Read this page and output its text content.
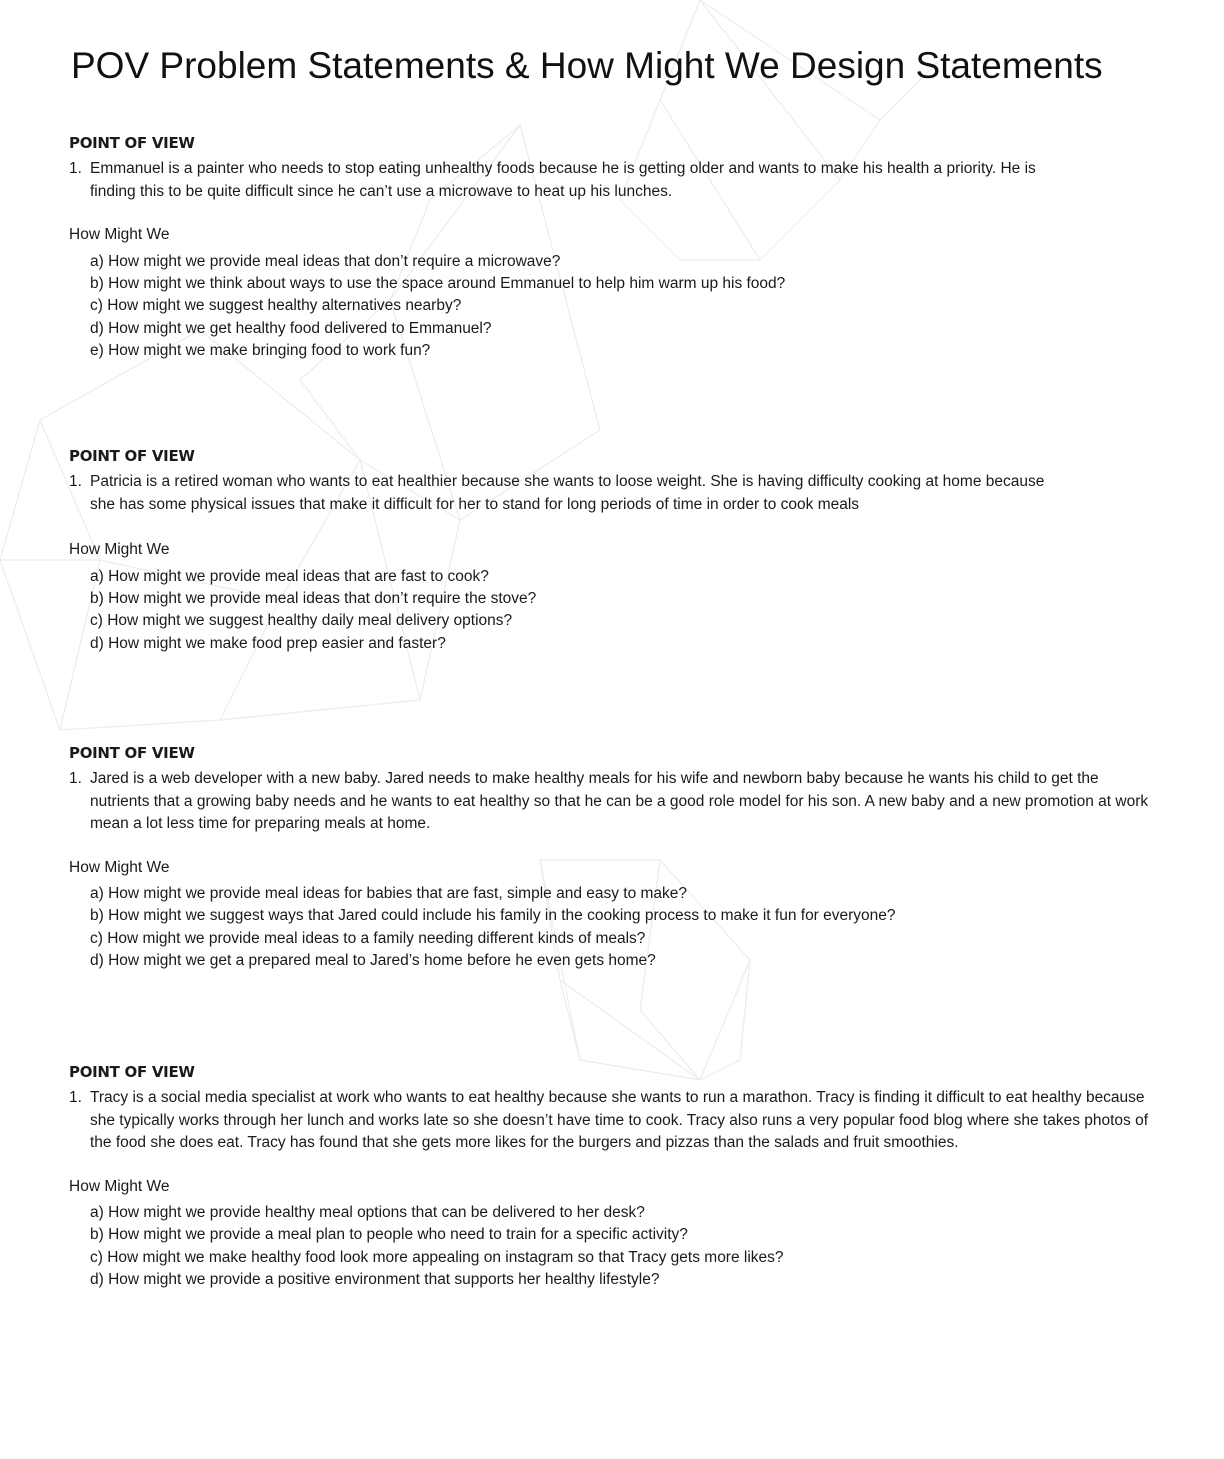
POV Problem Statements & How Might We Design Statements
POINT OF VIEW
1. Emmanuel is a painter who needs to stop eating unhealthy foods because he is getting older and wants to make his health a priority. He is finding this to be quite difficult since he can’t use a microwave to heat up his lunches.
How Might We
a) How might we provide meal ideas that don’t require a microwave?
b) How might we think about ways to use the space around Emmanuel to help him warm up his food?
c) How might we suggest healthy alternatives nearby?
d) How might we get healthy food delivered to Emmanuel?
e) How might we make bringing food to work fun?
POINT OF VIEW
1. Patricia is a retired woman who wants to eat healthier because she wants to loose weight. She is having difficulty cooking at home because she has some physical issues that make it difficult for her to stand for long periods of time in order to cook meals
How Might We
a) How might we provide meal ideas that are fast to cook?
b) How might we provide meal ideas that don’t require the stove?
c) How might we suggest healthy daily meal delivery options?
d) How might we make food prep easier and faster?
POINT OF VIEW
1. Jared is a web developer with a new baby. Jared needs to make healthy meals for his wife and newborn baby because he wants his child to get the nutrients that a growing baby needs and he wants to eat healthy so that he can be a good role model for his son. A new baby and a new promotion at work mean a lot less time for preparing meals at home.
How Might We
a) How might we provide meal ideas for babies that are fast, simple and easy to make?
b) How might we suggest ways that Jared could include his family in the cooking process to make it fun for everyone?
c) How might we provide meal ideas to a family needing different kinds of meals?
d) How might we get a prepared meal to Jared’s home before he even gets home?
POINT OF VIEW
1. Tracy is a social media specialist at work who wants to eat healthy because she wants to run a marathon. Tracy is finding it difficult to eat healthy because she typically works through her lunch and works late so she doesn’t have time to cook. Tracy also runs a very popular food blog where she takes photos of the food she does eat. Tracy has found that she gets more likes for the burgers and pizzas than the salads and fruit smoothies.
How Might We
a) How might we provide healthy meal options that can be delivered to her desk?
b) How might we provide a meal plan to people who need to train for a specific activity?
c) How might we make healthy food look more appealing on instagram so that Tracy gets more likes?
d) How might we provide a positive environment that supports her healthy lifestyle?
